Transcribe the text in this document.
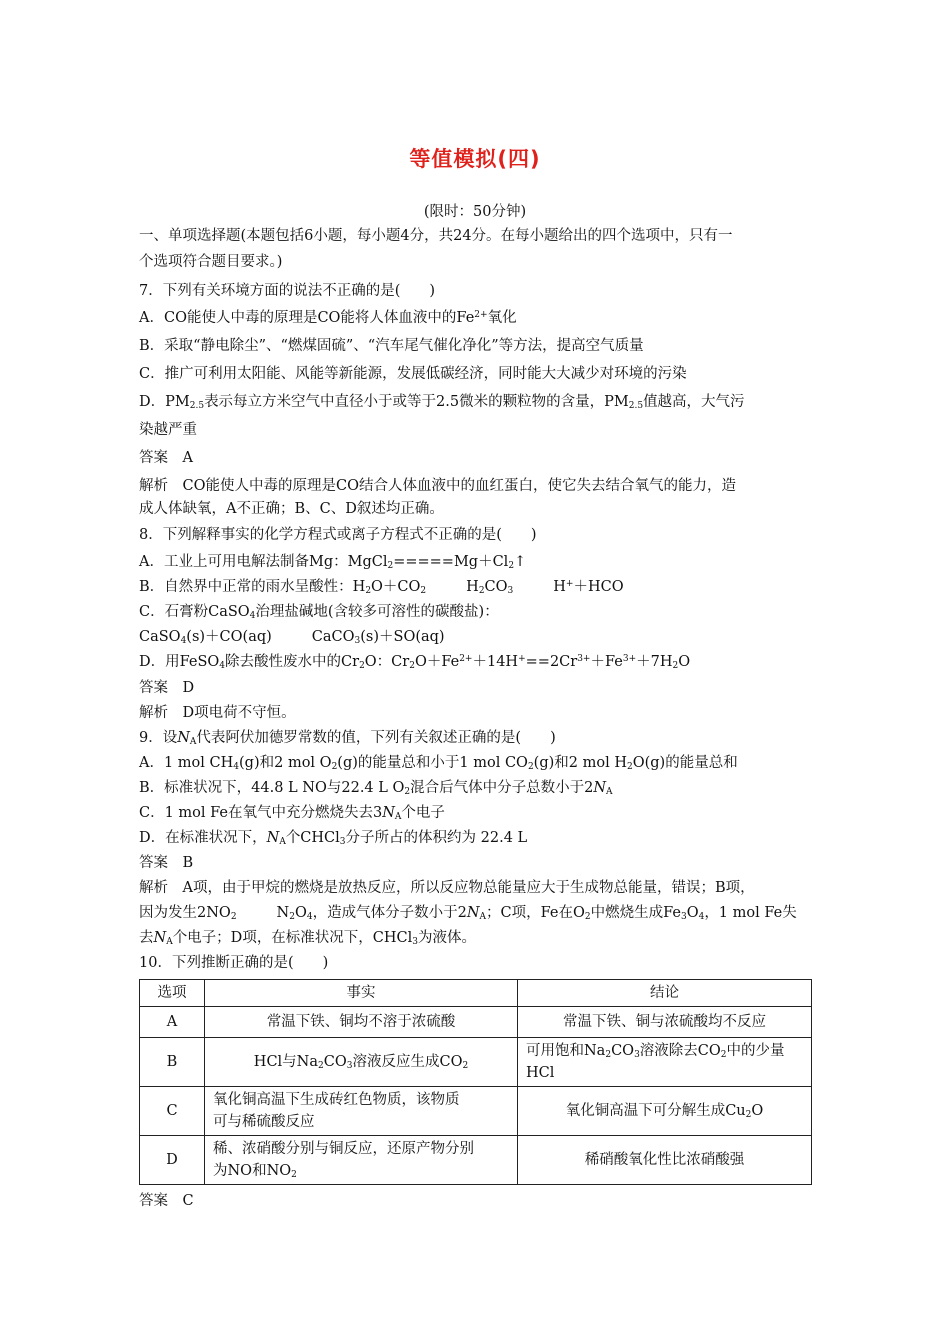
等值模拟(四)
(限时：50分钟)
一、单项选择题(本题包括6小题，每小题4分，共24分。在每小题给出的四个选项中，只有一
个选项符合题目要求。)
7．下列有关环境方面的说法不正确的是(　　)
A．CO能使人中毒的原理是CO能将人体血液中的$Fe^{2+}$氧化
B．采取“静电除尘”、“燃煤固硫”、“汽车尾气催化净化”等方法，提高空气质量
C．推广可利用太阳能、风能等新能源，发展低碳经济，同时能大大减少对环境的污染
D．$PM_{2.5}$表示每立方米空气中直径小于或等于2.5微米的颗粒物的含量，$PM_{2.5}$值越高，大气污
染越严重
答案　A
解析　CO能使人中毒的原理是CO结合人体血液中的血红蛋白，使它失去结合氧气的能力，造
成人体缺氧，A不正确；B、C、D叙述均正确。
8．下列解释事实的化学方程式或离子方程式不正确的是(　　)
A．工业上可用电解法制备Mg：$MgCl_2=====Mg+Cl_2↑$
B．自然界中正常的雨水呈酸性：$H_2O+CO_2$	$H_2CO_3$	H+＋HCO
C．石膏粉CaSO$_4$治理盐碱地(含较多可溶性的碳酸盐)：
CaSO$_4$(s)＋CO(aq)	CaCO$_3$(s)＋SO(aq)
D．用FeSO$_4$除去酸性废水中的$Cr_2O$：$Cr_2O+Fe^{2+}+14H^+==2Cr^{3+}+Fe^{3+}+7H_2O$
答案　D
解析　D项电荷不守恒。
9．设$N_A$代表阿伏加德罗常数的值，下列有关叙述正确的是(　　)
A．1 mol $CH_4(g)$和2 mol $O_2(g)$的能量总和小于1 mol $CO_2(g)$和2 mol $H_2O(g)$的能量总和
B．标准状况下，44.8 L NO与22.4 L $O_2$混合后气体中分子总数小于$2N_A$
C．1 mol Fe在氧气中充分燃烧失去$3N_A$个电子
D．在标准状况下，$N_A$个CHCl$_3$分子所占的体积约为 22.4 L
答案　B
解析　A项，由于甲烷的燃烧是放热反应，所以反应物总能量应大于生成物总能量，错误；B项，
因为发生$2NO_2$	$N_2O_4$，造成气体分子数小于$2N_A$；C项，Fe在$O_2$中燃烧生成$Fe_3O_4$，1 mol Fe失
去$N_A$个电子；D项，在标准状况下，CHCl$_3$为液体。
10．下列推断正确的是(　　)
选项	事实	结论
A	常温下铁、铜均不溶于浓硫酸	常温下铁、铜与浓硫酸均不反应
B	HCl与$Na_2CO_3$溶液反应生成$CO_2$	可用饱和$Na_2CO_3$溶液除去$CO_2$中的少量
HCl
C	氧化铜高温下生成砖红色物质，该物质
可与稀硫酸反应	氧化铜高温下可分解生成$Cu_2O$
D	稀、浓硝酸分别与铜反应，还原产物分别
为NO和$NO_2$	稀硝酸氧化性比浓硝酸强
答案　C
